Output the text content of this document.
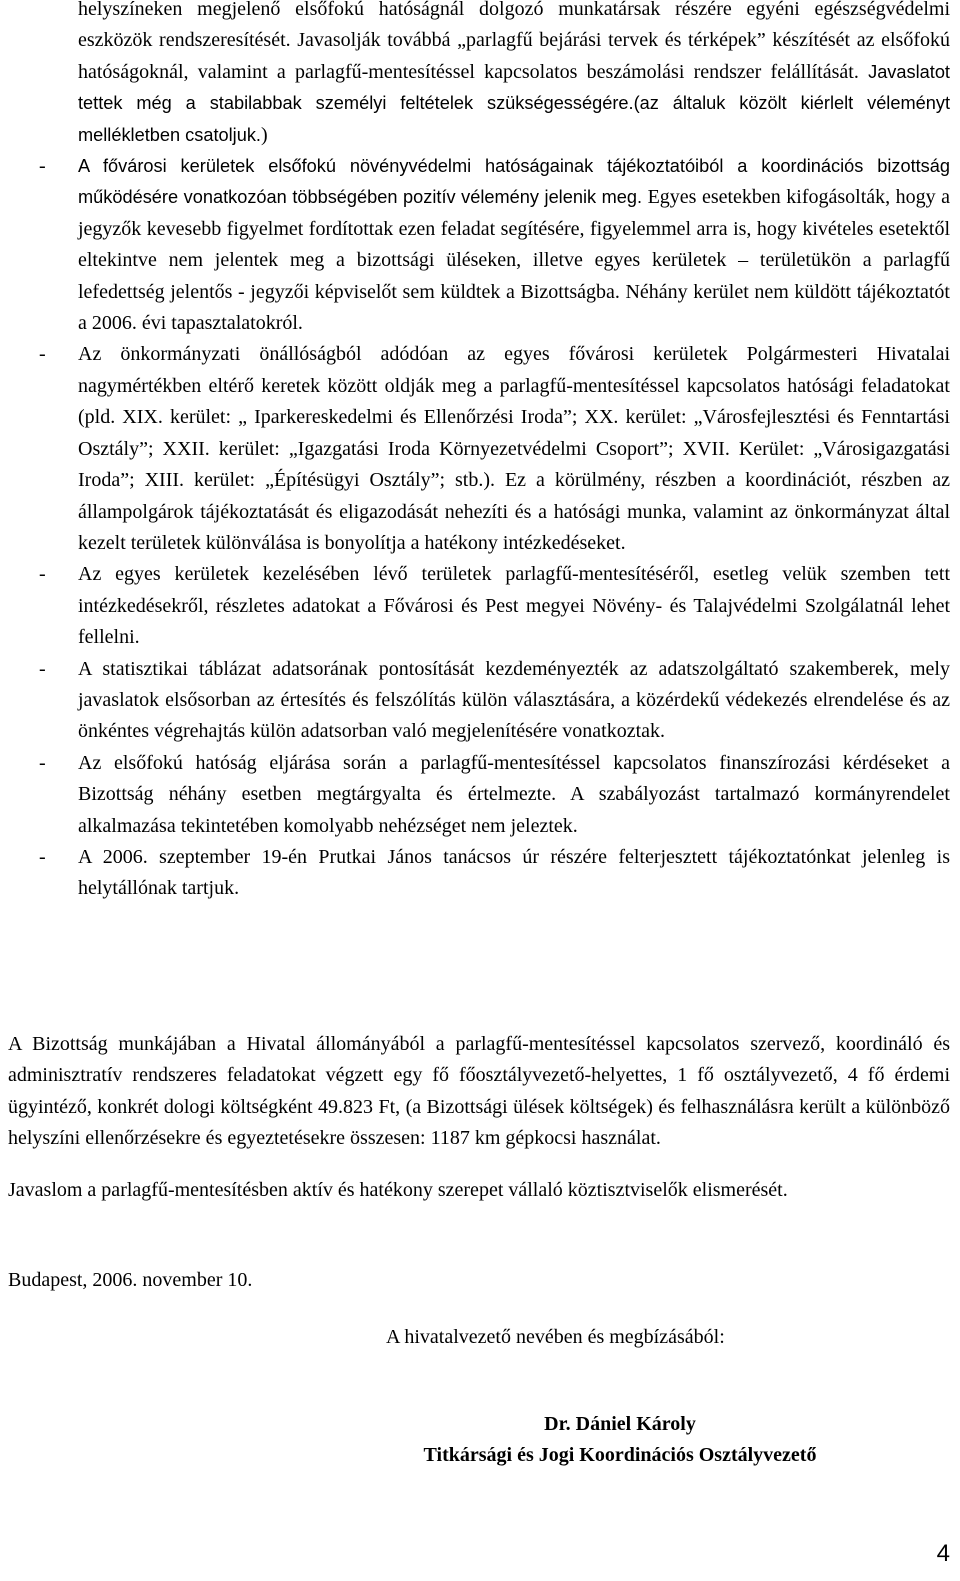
helyszíneken megjelenő elsőfokú hatóságnál dolgozó munkatársak részére egyéni egészségvédelmi eszközök rendszeresítését. Javasolják továbbá „parlagfű bejárási tervek és térképek” készítését az elsőfokú hatóságoknál, valamint a parlagfű-mentesítéssel kapcsolatos beszámolási rendszer felállítását. Javaslatot tettek még a stabilabbak személyi feltételek szükségességére.(az általuk közölt kiérlelt véleményt mellékletben csatoljuk.)

- A fővárosi kerületek elsőfokú növényvédelmi hatóságainak tájékoztatóiból a koordinációs bizottság működésére vonatkozóan többségében pozitív vélemény jelenik meg. Egyes esetekben kifogásolták, hogy a jegyzők kevesebb figyelmet fordítottak ezen feladat segítésére, figyelemmel arra is, hogy kivételes esetektől eltekintve nem jelentek meg a bizottsági üléseken, illetve egyes kerületek – területükön a parlagfű lefedettség jelentős - jegyzői képviselőt sem küldtek a Bizottságba. Néhány kerület nem küldött tájékoztatót a 2006. évi tapasztalatokról.

- Az önkormányzati önállóságból adódóan az egyes fővárosi kerületek Polgármesteri Hivatalai nagymértékben eltérő keretek között oldják meg a parlagfű-mentesítéssel kapcsolatos hatósági feladatokat (pld. XIX. kerület: „ Iparkereskedelmi és Ellenőrzési Iroda”; XX. kerület: „Városfejlesztési és Fenntartási Osztály”; XXII. kerület: „Igazgatási Iroda Környezetvédelmi Csoport”; XVII. Kerület: „Városigazgatási Iroda”; XIII. kerület: „Építésügyi Osztály”; stb.). Ez a körülmény, részben a koordinációt, részben az állampolgárok tájékoztatását és eligazodását nehezíti és a hatósági munka, valamint az önkormányzat által kezelt területek különválása is bonyolítja a hatékony intézkedéseket.

- Az egyes kerületek kezelésében lévő területek parlagfű-mentesítéséről, esetleg velük szemben tett intézkedésekről, részletes adatokat a Fővárosi és Pest megyei Növény- és Talajvédelmi Szolgálatnál lehet fellelni.

- A statisztikai táblázat adatsorának pontosítását kezdeményezték az adatszolgáltató szakemberek, mely javaslatok elsősorban az értesítés és felszólítás külön választására, a közérdekű védekezés elrendelése és az önkéntes végrehajtás külön adatsorban való megjelenítésére vonatkoztak.

- Az elsőfokú hatóság eljárása során a parlagfű-mentesítéssel kapcsolatos finanszírozási kérdéseket a Bizottság néhány esetben megtárgyalta és értelmezte. A szabályozást tartalmazó kormányrendelet alkalmazása tekintetében komolyabb nehézséget nem jeleztek.

- A 2006. szeptember 19-én Prutkai János tanácsos úr részére felterjesztett tájékoztatónkat jelenleg is helytállónak tartjuk.

A Bizottság munkájában a Hivatal állományából a parlagfű-mentesítéssel kapcsolatos szervező, koordináló és adminisztratív rendszeres feladatokat végzett egy fő főosztályvezető-helyettes, 1 fő osztályvezető, 4 fő érdemi ügyintéző, konkrét dologi költségként 49.823 Ft, (a Bizottsági ülések költségek) és felhasználásra került a különböző helyszíni ellenőrzésekre és egyeztetésekre összesen: 1187 km gépkocsi használat.

Javaslom a parlagfű-mentesítésben aktív és hatékony szerepet vállaló köztisztviselők elismerését.

Budapest, 2006. november 10.

A hivatalvezető nevében és megbízásából:

Dr. Dániel Károly

Titkársági és Jogi Koordinációs Osztályvezető

4
